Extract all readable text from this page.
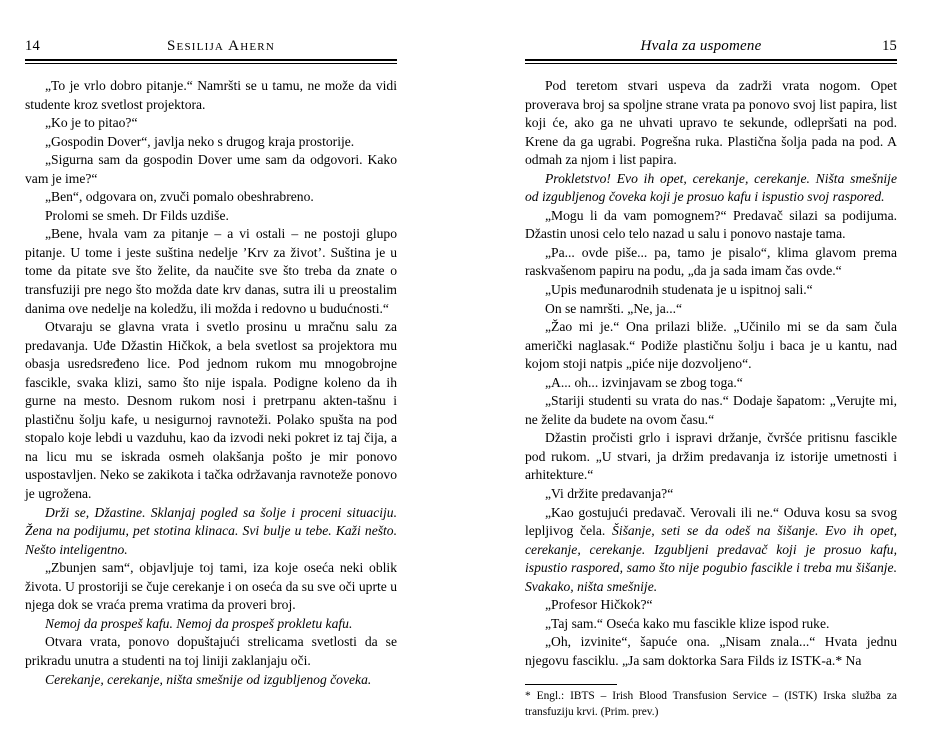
14	Sesilija Ahern

„To je vrlo dobro pitanje.“ Namršti se u tamu, ne može da vidi studente kroz svetlost projektora.

„Ko je to pitao?“

„Gospodin Dover“, javlja neko s drugog kraja prostorije.

„Sigurna sam da gospodin Dover ume sam da odgovori. Kako vam je ime?“

„Ben“, odgovara on, zvuči pomalo obeshrabreno.

Prolomi se smeh. Dr Filds uzdiše.

„Bene, hvala vam za pitanje – a vi ostali – ne postoji glupo pitanje. U tome i jeste suština nedelje ’Krv za život’. Suština je u tome da pitate sve što želite, da naučite sve što treba da znate o transfuziji pre nego što možda date krv danas, sutra ili u preostalim danima ove nedelje na koledžu, ili možda i redovno u budućnosti.“

Otvaraju se glavna vrata i svetlo prosinu u mračnu salu za predavanja. Uđe Džastin Hičkok, a bela svetlost sa projektora mu obasja usredsređeno lice. Pod jednom rukom mu mnogobrojne fascikle, svaka klizi, samo što nije ispala. Podigne koleno da ih gurne na mesto. Desnom rukom nosi i pretrpanu akten-tašnu i plastičnu šolju kafe, u nesigurnoj ravnoteži. Polako spušta na pod stopalo koje lebdi u vazduhu, kao da izvodi neki pokret iz taj čija, a na licu mu se iskrada osmeh olakšanja pošto je mir ponovo uspostavljen. Neko se zakikota i tačka održavanja ravnoteže ponovo je ugrožena.

Drži se, Džastine. Sklanjaj pogled sa šolje i proceni situaciju. Žena na podijumu, pet stotina klinaca. Svi bulje u tebe. Kaži nešto. Nešto inteligentno.

„Zbunjen sam“, objavljuje toj tami, iza koje oseća neki oblik života. U prostoriji se čuje cerekanje i on oseća da su sve oči uprte u njega dok se vraća prema vratima da proveri broj.

Nemoj da prospeš kafu. Nemoj da prospeš prokletu kafu.

Otvara vrata, ponovo dopuštajući strelicama svetlosti da se prikradu unutra a studenti na toj liniji zaklanjaju oči.

Cerekanje, cerekanje, ništa smešnije od izgubljenog čoveka.

Hvala za uspomene	15

Pod teretom stvari uspeva da zadrži vrata nogom. Opet proverava broj sa spoljne strane vrata pa ponovo svoj list papira, list koji će, ako ga ne uhvati upravo te sekunde, odlepršati na pod. Krene da ga ugrabi. Pogrešna ruka. Plastična šolja pada na pod. A odmah za njom i list papira.

Prokletstvo! Evo ih opet, cerekanje, cerekanje. Ništa smešnije od izgubljenog čoveka koji je prosuo kafu i ispustio svoj raspored.

„Mogu li da vam pomognem?“ Predavač silazi sa podijuma. Džastin unosi celo telo nazad u salu i ponovo nastaje tama.

„Pa... ovde piše... pa, tamo je pisalo“, klima glavom prema raskvašenom papiru na podu, „da ja sada imam čas ovde.“

„Upis međunarodnih studenata je u ispitnoj sali.“

On se namršti. „Ne, ja...“

„Žao mi je.“ Ona prilazi bliže. „Učinilo mi se da sam čula američki naglasak.“ Podiže plastičnu šolju i baca je u kantu, nad kojom stoji natpis „piće nije dozvoljeno“.

„A... oh... izvinjavam se zbog toga.“

„Stariji studenti su vrata do nas.“ Dodaje šapatom: „Verujte mi, ne želite da budete na ovom času.“

Džastin pročisti grlo i ispravi držanje, čvršće pritisnu fascikle pod rukom. „U stvari, ja držim predavanja iz istorije umetnosti i arhitekture.“

„Vi držite predavanja?“

„Kao gostujući predavač. Verovali ili ne.“ Oduva kosu sa svog lepljivog čela. Šišanje, seti se da odeš na šišanje. Evo ih opet, cerekanje, cerekanje. Izgubljeni predavač koji je prosuo kafu, ispustio raspored, samo što nije pogubio fascikle i treba mu šišanje. Svakako, ništa smešnije.

„Profesor Hičkok?“

„Taj sam.“ Oseća kako mu fascikle klize ispod ruke.

„Oh, izvinite“, šapuće ona. „Nisam znala...“ Hvata jednu njegovu fasciklu. „Ja sam doktorka Sara Filds iz ISTK-a.* Na

* Engl.: IBTS – Irish Blood Transfusion Service – (ISTK) Irska služba za transfuziju krvi. (Prim. prev.)
